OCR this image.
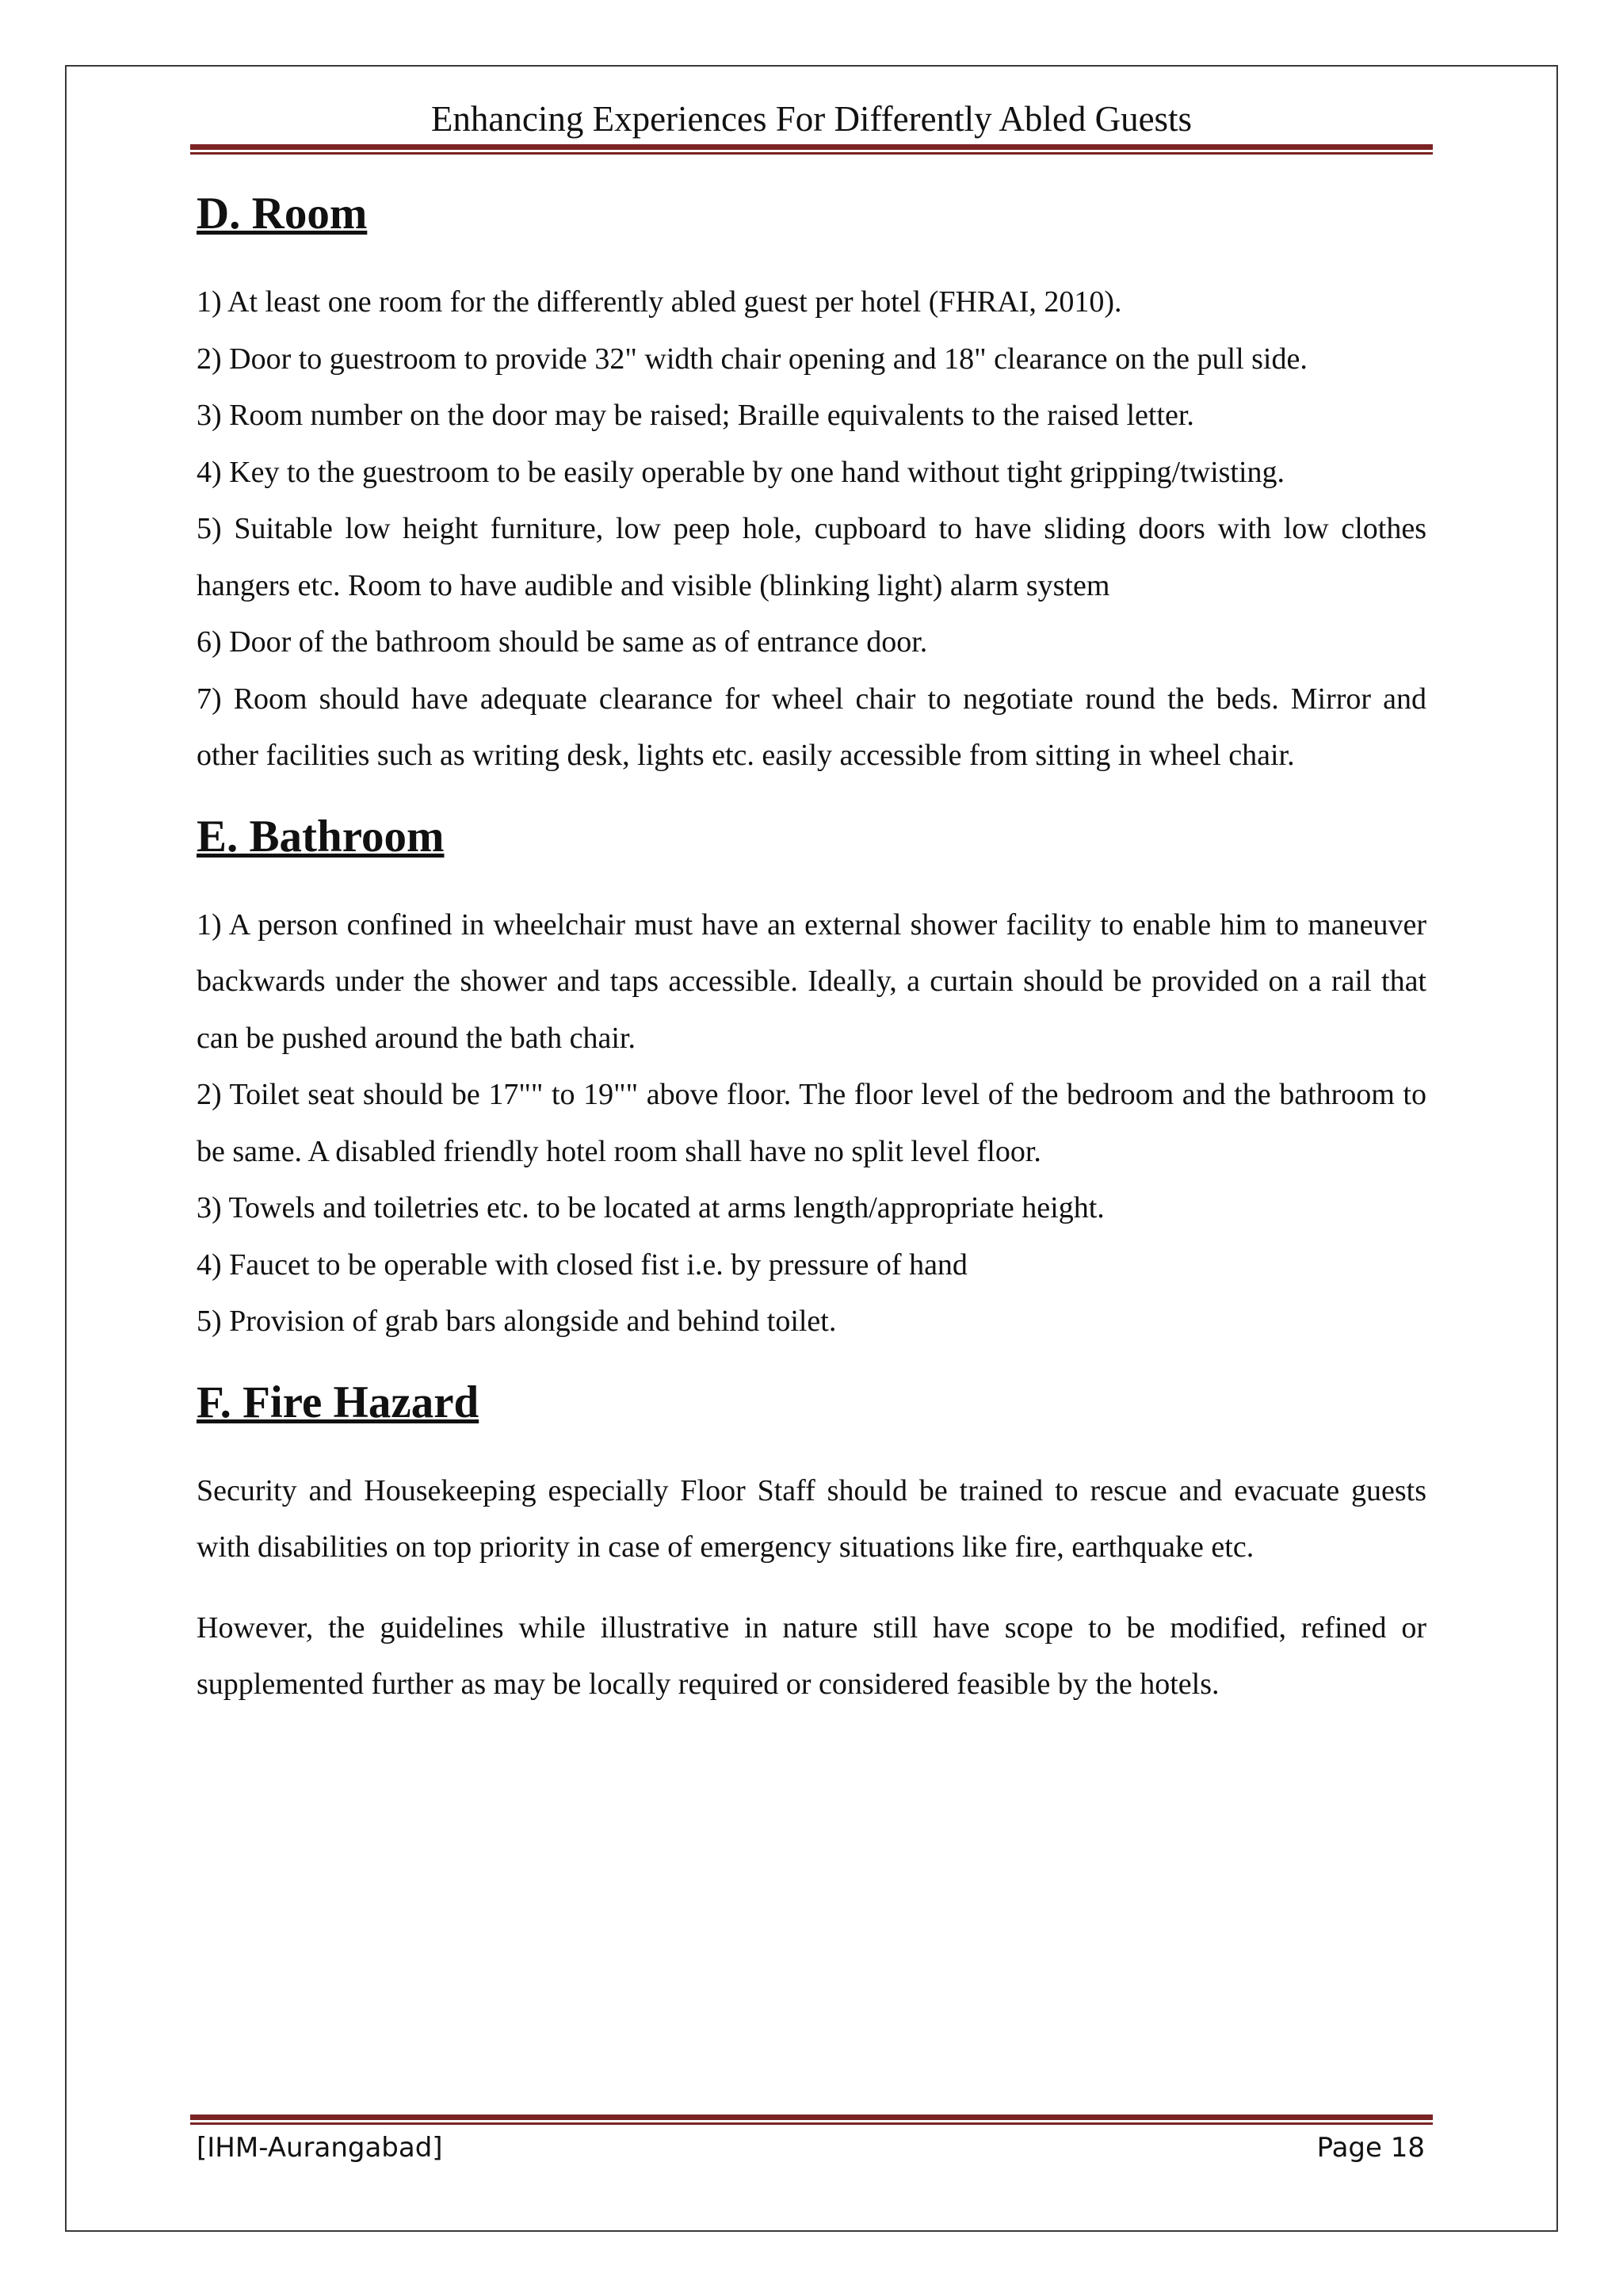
Enhancing Experiences For Differently Abled Guests
D. Room

1) At least one room for the differently abled guest per hotel (FHRAI, 2010).

2) Door to guestroom to provide 32" width chair opening and 18" clearance on the pull side.

3) Room number on the door may be raised; Braille equivalents to the raised letter.

4) Key to the guestroom to be easily operable by one hand without tight gripping/twisting.

5) Suitable low height furniture, low peep hole, cupboard to have sliding doors with low clothes hangers etc. Room to have audible and visible (blinking light) alarm system

6) Door of the bathroom should be same as of entrance door.

7) Room should have adequate clearance for wheel chair to negotiate round the beds. Mirror and other facilities such as writing desk, lights etc. easily accessible from sitting in wheel chair.

E. Bathroom

1) A person confined in wheelchair must have an external shower facility to enable him to maneuver backwards under the shower and taps accessible. Ideally, a curtain should be provided on a rail that can be pushed around the bath chair.

2) Toilet seat should be 17"" to 19"" above floor. The floor level of the bedroom and the bathroom to be same. A disabled friendly hotel room shall have no split level floor.

3) Towels and toiletries etc. to be located at arms length/appropriate height.

4) Faucet to be operable with closed fist i.e. by pressure of hand

5) Provision of grab bars alongside and behind toilet.

F. Fire Hazard

Security and Housekeeping especially Floor Staff should be trained to rescue and evacuate guests with disabilities on top priority in case of emergency situations like fire, earthquake etc.

However, the guidelines while illustrative in nature still have scope to be modified, refined or supplemented further as may be locally required or considered feasible by the hotels.

[IHM-Aurangabad]	Page 18
